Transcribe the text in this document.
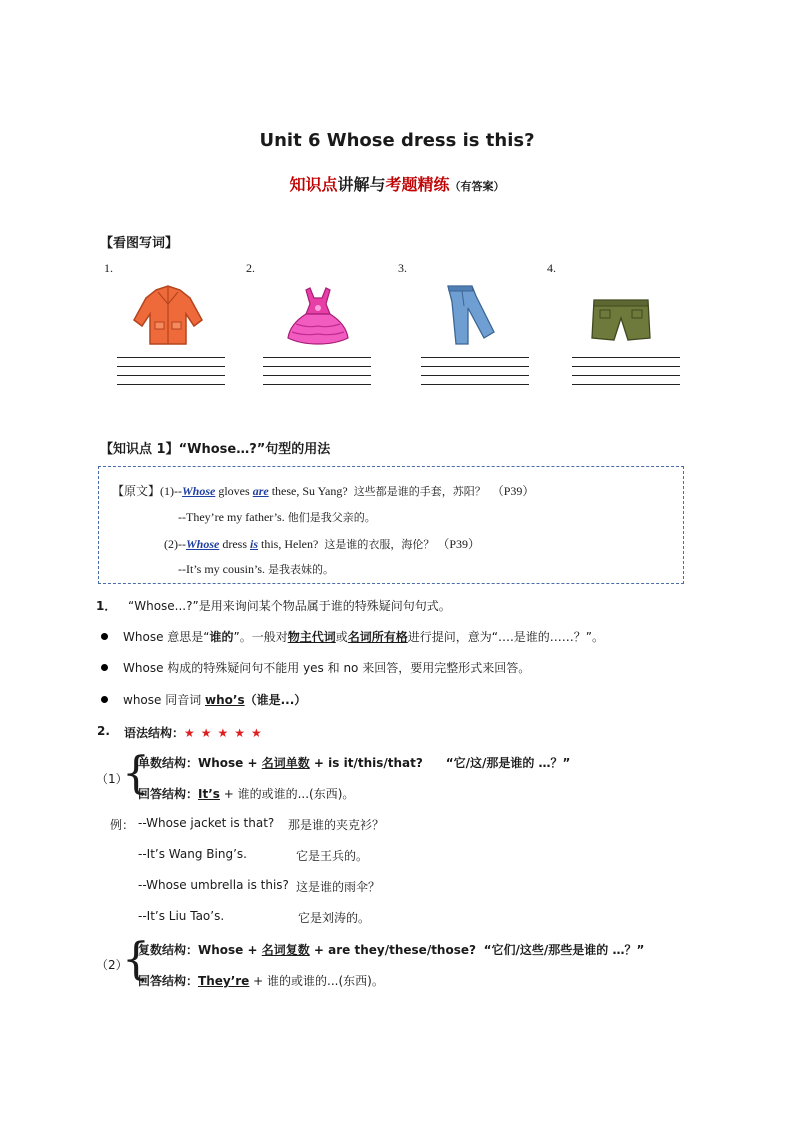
Unit 6 Whose dress is this?
知识点讲解与考题精练（有答案）
【看图写词】
1.	2.	3.	4.
【知识点 1】“Whose…?”句型的用法
【原文】(1)--Whose gloves are these, Su Yang? 这些都是谁的手套，苏阳？ （P39）
--They’re my father’s. 他们是我父亲的。
(2)--Whose dress is this, Helen? 这是谁的衣服，海伦？ （P39）
--It’s my cousin’s. 是我表妹的。
1． “Whose...?”是用来询问某个物品属于谁的特殊疑问句句式。
Whose 意思是“谁的”。一般对物主代词或名词所有格进行提问，意为“….是谁的……？”。
Whose 构成的特殊疑问句不能用 yes 和 no 来回答，要用完整形式来回答。
whose 同音词 who’s（谁是...）
2. 语法结构：★★★★★
（1）
{
单数结构：Whose + 名词单数 + is it/this/that? “它/这/那是谁的 …？”
回答结构：It’s + 谁的或谁的...(东西)。
例： --Whose jacket is that? 那是谁的夹克衫？
--It’s Wang Bing’s.	它是王兵的。
--Whose umbrella is this? 这是谁的雨伞？
--It’s Liu Tao’s.	它是刘涛的。
（2）
{
复数结构：Whose + 名词复数 + are they/these/those? “它们/这些/那些是谁的 …？”
回答结构：They’re + 谁的或谁的...(东西)。
